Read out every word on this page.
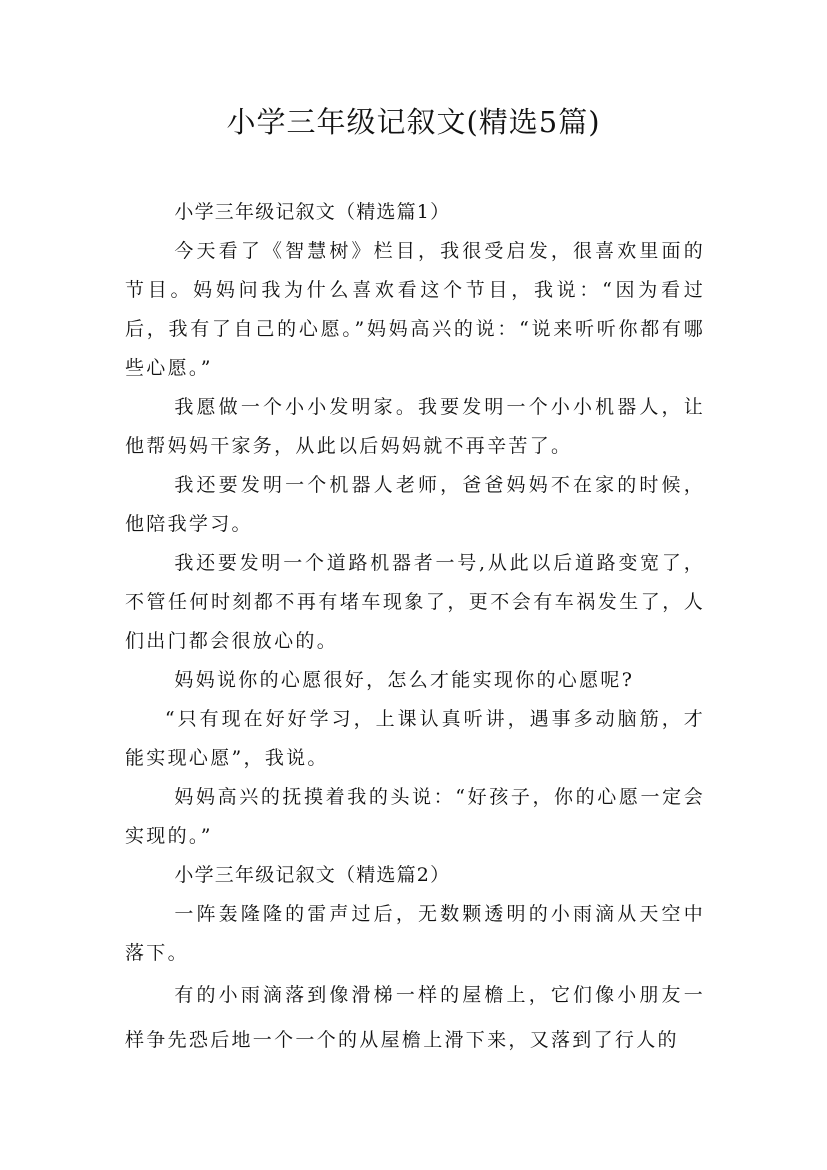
小学三年级记叙文(精选5篇)

小学三年级记叙文（精选篇1）

今天看了《智慧树》栏目，我很受启发，很喜欢里面的节目。妈妈问我为什么喜欢看这个节目，我说：“因为看过后，我有了自己的心愿。”妈妈高兴的说：“说来听听你都有哪些心愿。”

我愿做一个小小发明家。我要发明一个小小机器人，让他帮妈妈干家务，从此以后妈妈就不再辛苦了。

我还要发明一个机器人老师，爸爸妈妈不在家的时候，他陪我学习。

我还要发明一个道路机器者一号,从此以后道路变宽了，不管任何时刻都不再有堵车现象了，更不会有车祸发生了，人们出门都会很放心的。

妈妈说你的心愿很好，怎么才能实现你的心愿呢?

“只有现在好好学习，上课认真听讲，遇事多动脑筋，才能实现心愿”，我说。

妈妈高兴的抚摸着我的头说：“好孩子，你的心愿一定会实现的。”

小学三年级记叙文（精选篇2）

一阵轰隆隆的雷声过后，无数颗透明的小雨滴从天空中落下。

有的小雨滴落到像滑梯一样的屋檐上，它们像小朋友一样争先恐后地一个一个的从屋檐上滑下来，又落到了行人的
